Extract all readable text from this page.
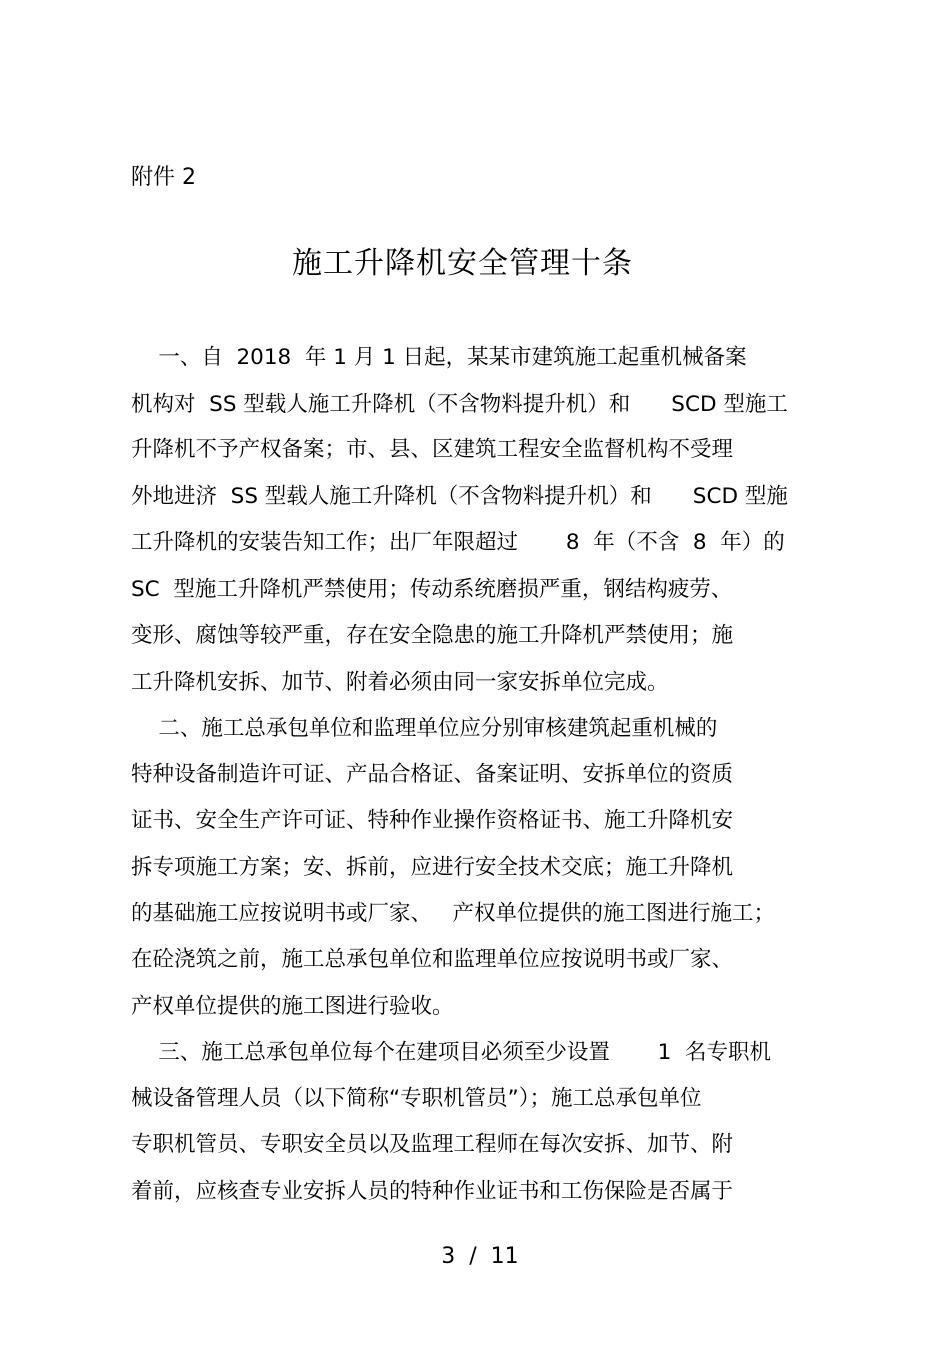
附件 2
施工升降机安全管理十条
一、自  2018  年 1 月 1 日起，某某市建筑施工起重机械备案
机构对  SS 型载人施工升降机（不含物料提升机）和      SCD 型施工
升降机不予产权备案；市、县、区建筑工程安全监督机构不受理
外地进济  SS 型载人施工升降机（不含物料提升机）和      SCD 型施
工升降机的安装告知工作；出厂年限超过       8  年（不含  8  年）的
SC  型施工升降机严禁使用；传动系统磨损严重，钢结构疲劳、
变形、腐蚀等较严重，存在安全隐患的施工升降机严禁使用；施
工升降机安拆、加节、附着必须由同一家安拆单位完成。
二、施工总承包单位和监理单位应分别审核建筑起重机械的
特种设备制造许可证、产品合格证、备案证明、安拆单位的资质
证书、安全生产许可证、特种作业操作资格证书、施工升降机安
拆专项施工方案；安、拆前，应进行安全技术交底；施工升降机
的基础施工应按说明书或厂家、   产权单位提供的施工图进行施工；
在砼浇筑之前，施工总承包单位和监理单位应按说明书或厂家、
产权单位提供的施工图进行验收。
三、施工总承包单位每个在建项目必须至少设置       1  名专职机
械设备管理人员（以下简称“专职机管员”）；施工总承包单位
专职机管员、专职安全员以及监理工程师在每次安拆、加节、附
着前，应核查专业安拆人员的特种作业证书和工伤保险是否属于
3  /  11
